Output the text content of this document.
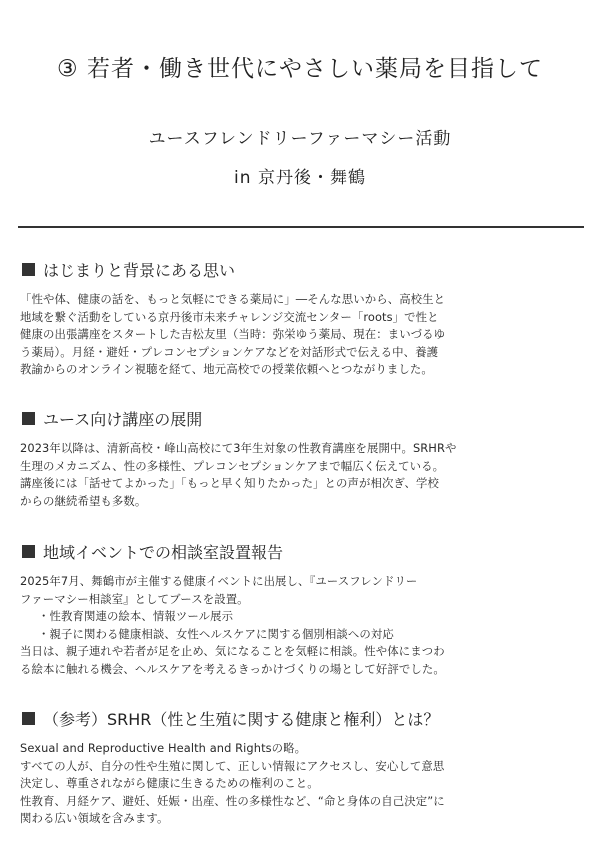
③ 若者・働き世代にやさしい薬局を目指して
ユースフレンドリーファーマシー活動
in 京丹後・舞鶴
はじまりと背景にある思い

「性や体、健康の話を、もっと気軽にできる薬局に」―そんな思いから、高校生と

地域を繋ぐ活動をしている京丹後市未来チャレンジ交流センター「roots」で性と

健康の出張講座をスタートした吉松友里（当時：弥栄ゆう薬局、現在：まいづるゆ

う薬局）。月経・避妊・プレコンセプションケアなどを対話形式で伝える中、養護

教諭からのオンライン視聴を経て、地元高校での授業依頼へとつながりました。

ユース向け講座の展開

2023年以降は、清新高校・峰山高校にて3年生対象の性教育講座を展開中。SRHRや

生理のメカニズム、性の多様性、プレコンセプションケアまで幅広く伝えている。

講座後には「話せてよかった」「もっと早く知りたかった」との声が相次ぎ、学校

からの継続希望も多数。

地域イベントでの相談室設置報告

2025年7月、舞鶴市が主催する健康イベントに出展し、『ユースフレンドリー

ファーマシー相談室』としてブースを設置。

・性教育関連の絵本、情報ツール展示

・親子に関わる健康相談、女性ヘルスケアに関する個別相談への対応

当日は、親子連れや若者が足を止め、気になることを気軽に相談。性や体にまつわ

る絵本に触れる機会、ヘルスケアを考えるきっかけづくりの場として好評でした。

（参考）SRHR（性と生殖に関する健康と権利）とは？

Sexual and Reproductive Health and Rightsの略。

すべての人が、自分の性や生殖に関して、正しい情報にアクセスし、安心して意思

決定し、尊重されながら健康に生きるための権利のこと。

性教育、月経ケア、避妊、妊娠・出産、性の多様性など、“命と身体の自己決定”に

関わる広い領域を含みます。
